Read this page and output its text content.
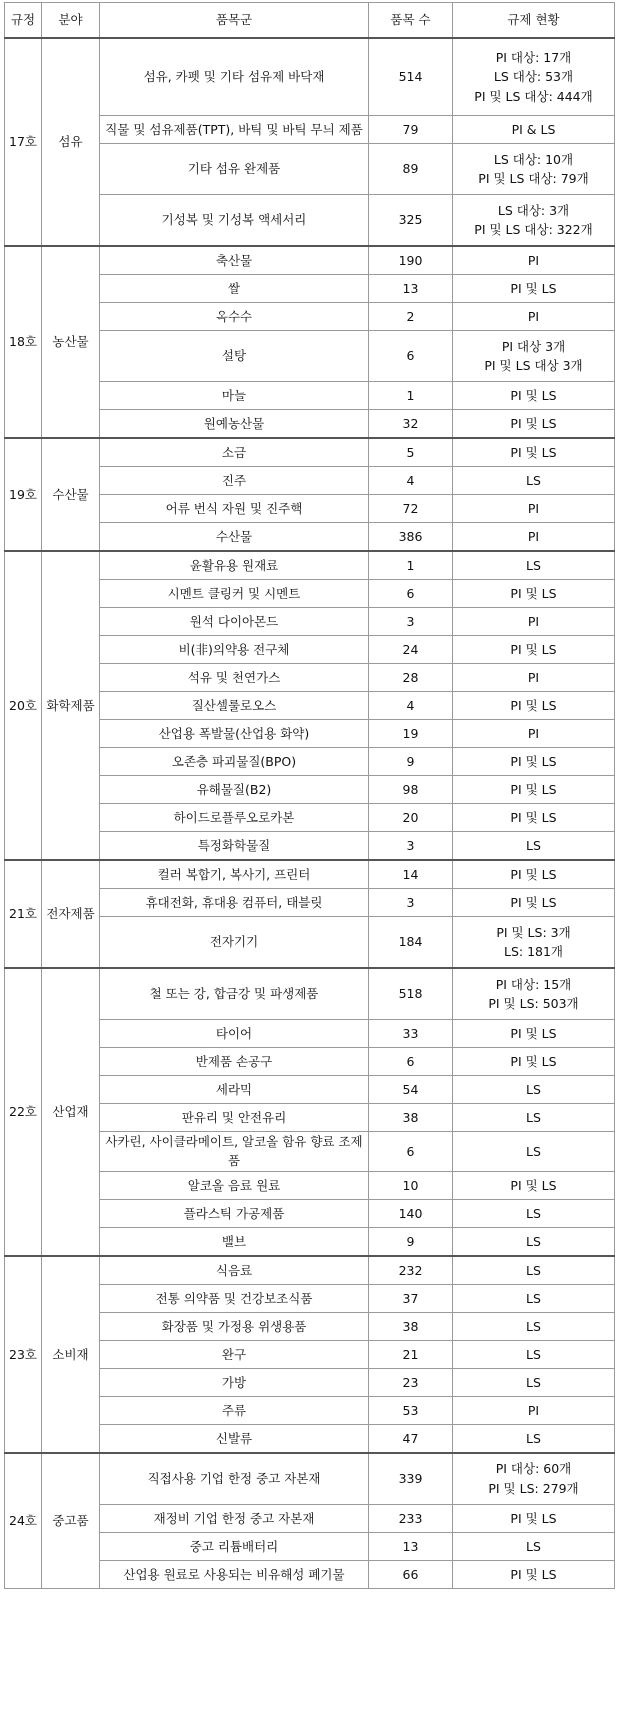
규정	분야	품목군	품목 수	규제 현황
17호	섬유	섬유, 카펫 및 기타 섬유제 바닥재	514	PI 대상: 17개
LS 대상: 53개
PI 및 LS 대상: 444개

		직물 및 섬유제품(TPT), 바틱 및 바틱 무늬 제품	79	PI & LS

		기타 섬유 완제품	89	LS 대상: 10개
PI 및 LS 대상: 79개

		기성복 및 기성복 액세서리	325	LS 대상: 3개
PI 및 LS 대상: 322개

18호	농산물	축산물	190	PI

		쌀	13	PI 및 LS

		옥수수	2	PI

		설탕	6	PI 대상 3개
PI 및 LS 대상 3개

		마늘	1	PI 및 LS

		원예농산물	32	PI 및 LS

19호	수산물	소금	5	PI 및 LS

		진주	4	LS

		어류 번식 자원 및 진주핵	72	PI

		수산물	386	PI

20호	화학제품	윤활유용 원재료	1	LS

		시멘트 클링커 및 시멘트	6	PI 및 LS

		원석 다이아몬드	3	PI

		비(非)의약용 전구체	24	PI 및 LS

		석유 및 천연가스	28	PI

		질산셀룰로오스	4	PI 및 LS

		산업용 폭발물(산업용 화약)	19	PI

		오존층 파괴물질(BPO)	9	PI 및 LS

		유해물질(B2)	98	PI 및 LS

		하이드로플루오로카본	20	PI 및 LS

		특정화학물질	3	LS

21호	전자제품	컬러 복합기, 복사기, 프린터	14	PI 및 LS

		휴대전화, 휴대용 컴퓨터, 태블릿	3	PI 및 LS

		전자기기	184	PI 및 LS: 3개
LS: 181개

22호	산업재	철 또는 강, 합금강 및 파생제품	518	PI 대상: 15개
PI 및 LS: 503개

		타이어	33	PI 및 LS

		반제품 손공구	6	PI 및 LS

		세라믹	54	LS

		판유리 및 안전유리	38	LS

		사카린, 사이클라메이트, 알코올 함유 향료 조제품	6	LS

		알코올 음료 원료	10	PI 및 LS

		플라스틱 가공제품	140	LS

		밸브	9	LS

23호	소비재	식음료	232	LS

		전통 의약품 및 건강보조식품	37	LS

		화장품 및 가정용 위생용품	38	LS

		완구	21	LS

		가방	23	LS

		주류	53	PI

		신발류	47	LS

24호	중고품	직접사용 기업 한정 중고 자본재	339	PI 대상: 60개
PI 및 LS: 279개

		재정비 기업 한정 중고 자본재	233	PI 및 LS

		중고 리튬배터리	13	LS

		산업용 원료로 사용되는 비유해성 폐기물	66	PI 및 LS
